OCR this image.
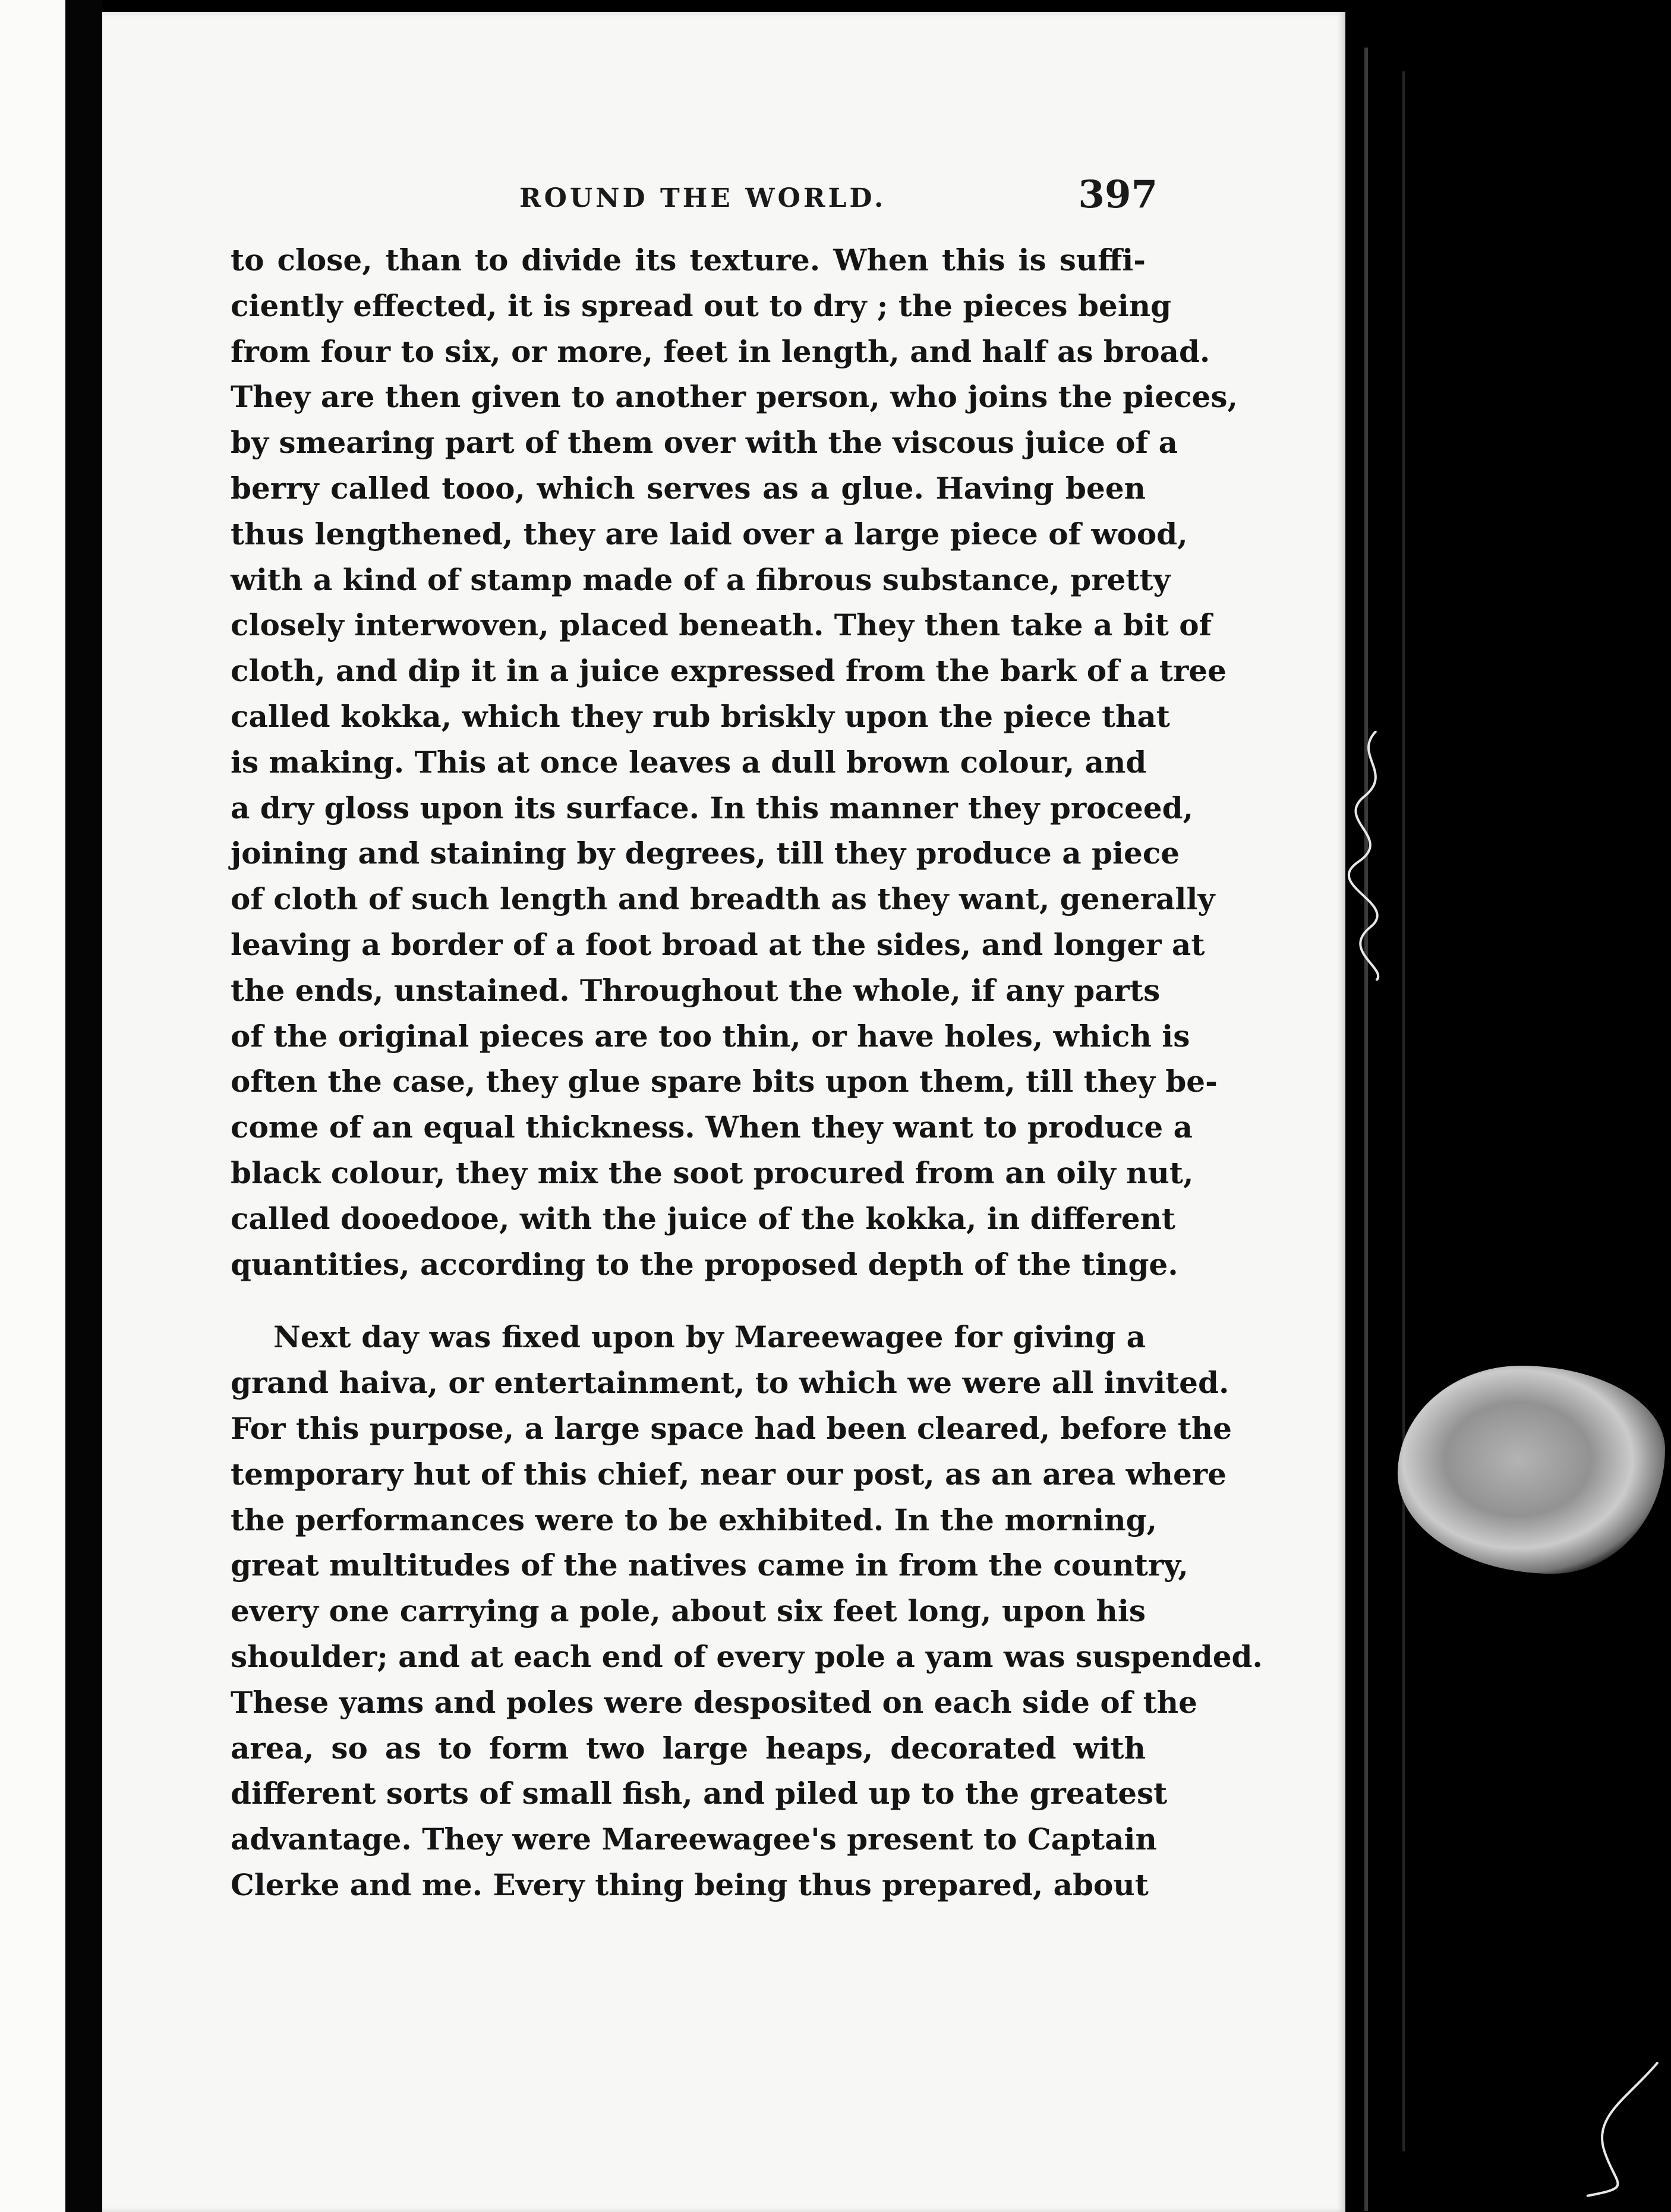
ROUND THE WORLD.	397
to close, than to divide its texture. When this is suffi-
ciently effected, it is spread out to dry ; the pieces being
from four to six, or more, feet in length, and half as broad.
They are then given to another person, who joins the pieces,
by smearing part of them over with the viscous juice of a
berry called tooo, which serves as a glue. Having been
thus lengthened, they are laid over a large piece of wood,
with a kind of stamp made of a fibrous substance, pretty
closely interwoven, placed beneath. They then take a bit of
cloth, and dip it in a juice expressed from the bark of a tree
called kokka, which they rub briskly upon the piece that
is making. This at once leaves a dull brown colour, and
a dry gloss upon its surface. In this manner they proceed,
joining and staining by degrees, till they produce a piece
of cloth of such length and breadth as they want, generally
leaving a border of a foot broad at the sides, and longer at
the ends, unstained. Throughout the whole, if any parts
of the original pieces are too thin, or have holes, which is
often the case, they glue spare bits upon them, till they be-
come of an equal thickness. When they want to produce a
black colour, they mix the soot procured from an oily nut,
called dooedooe, with the juice of the kokka, in different
quantities, according to the proposed depth of the tinge.
Next day was fixed upon by Mareewagee for giving a
grand haiva, or entertainment, to which we were all invited.
For this purpose, a large space had been cleared, before the
temporary hut of this chief, near our post, as an area where
the performances were to be exhibited. In the morning,
great multitudes of the natives came in from the country,
every one carrying a pole, about six feet long, upon his
shoulder; and at each end of every pole a yam was suspended.
These yams and poles were desposited on each side of the
area, so as to form two large heaps, decorated with
different sorts of small fish, and piled up to the greatest
advantage. They were Mareewagee's present to Captain
Clerke and me. Every thing being thus prepared, about
